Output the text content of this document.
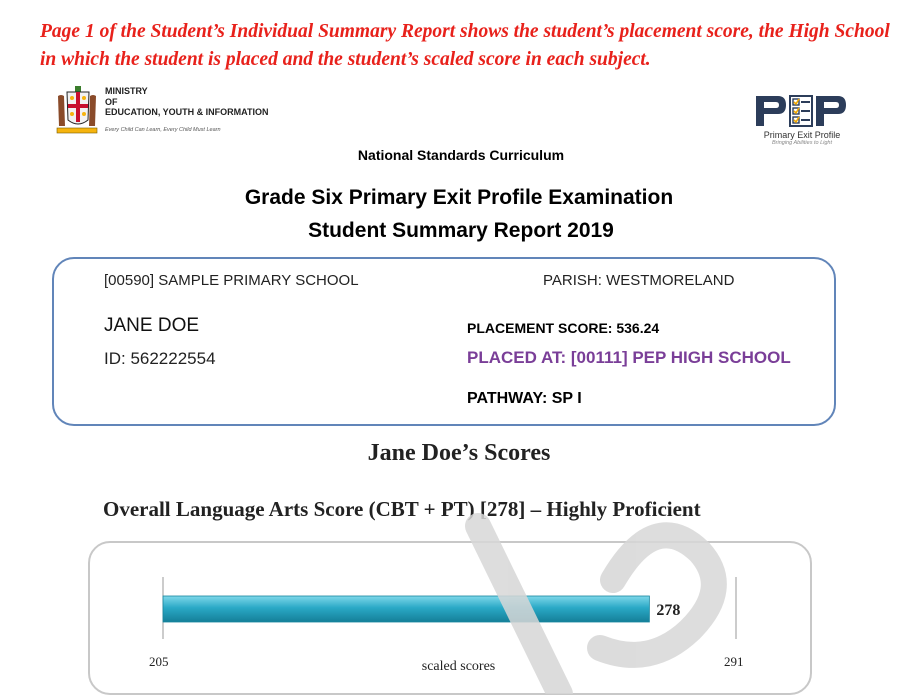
Page 1 of the Student’s Individual Summary Report shows the student’s placement score, the High School in which the student is placed and the student’s scaled score in each subject.

MINISTRY
OF
EDUCATION, YOUTH & INFORMATION
Every Child Can Learn, Every Child Must Learn	Primary Exit Profile
Bringing Abilities to Light
National Standards Curriculum
Grade Six Primary Exit Profile Examination
Student Summary Report 2019
[00590] SAMPLE PRIMARY SCHOOL	PARISH: WESTMORELAND
JANE DOE
ID: 562222554
PLACEMENT SCORE: 536.24
PLACED AT: [00111] PEP HIGH SCHOOL
PATHWAY: SP I
Jane Doe’s Scores
Overall Language Arts Score (CBT + PT) [278] – Highly Proficient
278
205	291
scaled scores
